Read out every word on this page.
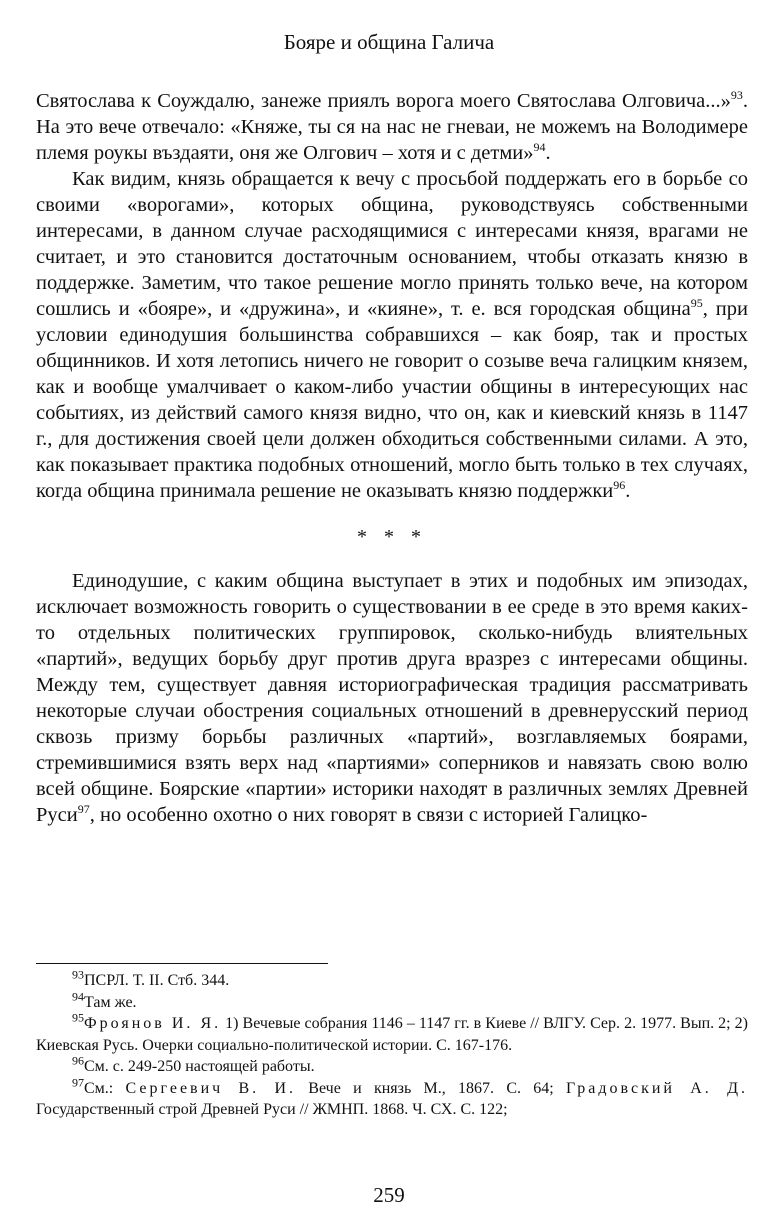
Бояре и община Галича

Святослава к Соуждалю, занеже приялъ ворога моего Святослава Олговича...»$^{93}$. На это вече отвечало: «Княже, ты ся на нас не гневаи, не можемъ на Володимере племя роукы въздаяти, оня же Олгович – хотя и с детми»$^{94}$.

Как видим, князь обращается к вечу с просьбой поддержать его в борьбе со своими «ворогами», которых община, руководствуясь собственными интересами, в данном случае расходящимися с интересами князя, врагами не считает, и это становится достаточным основанием, чтобы отказать князю в поддержке. Заметим, что такое решение могло принять только вече, на котором сошлись и «бояре», и «дружина», и «кияне», т. е. вся городская община$^{95}$, при условии единодушия большинства собравшихся – как бояр, так и простых общинников. И хотя летопись ничего не говорит о созыве веча галицким князем, как и вообще умалчивает о каком-либо участии общины в интересующих нас событиях, из действий самого князя видно, что он, как и киевский князь в 1147 г., для достижения своей цели должен обходиться собственными силами. А это, как показывает практика подобных отношений, могло быть только в тех случаях, когда община принимала решение не оказывать князю поддержки$^{96}$.

* * *

Единодушие, с каким община выступает в этих и подобных им эпизодах, исключает возможность говорить о существовании в ее среде в это время каких-то отдельных политических группировок, сколько-нибудь влиятельных «партий», ведущих борьбу друг против друга вразрез с интересами общины. Между тем, существует давняя историографическая традиция рассматривать некоторые случаи обострения социальных отношений в древнерусский период сквозь призму борьбы различных «партий», возглавляемых боярами, стремившимися взять верх над «партиями» соперников и навязать свою волю всей общине. Боярские «партии» историки находят в различных землях Древней Руси$^{97}$, но особенно охотно о них говорят в связи с историей Галицко-

$^{93}$ПСРЛ. Т. II. Стб. 344.

$^{94}$Там же.

$^{95}$Фроянов И. Я. 1) Вечевые собрания 1146 – 1147 гг. в Киеве // ВЛГУ. Сер. 2. 1977. Вып. 2; 2) Киевская Русь. Очерки социально-политической истории. С. 167-176.

$^{96}$См. с. 249-250 настоящей работы.

$^{97}$См.: Сергеевич В. И. Вече и князь М., 1867. С. 64; Градовский А. Д. Государственный строй Древней Руси // ЖМНП. 1868. Ч. СХ. С. 122;

259
